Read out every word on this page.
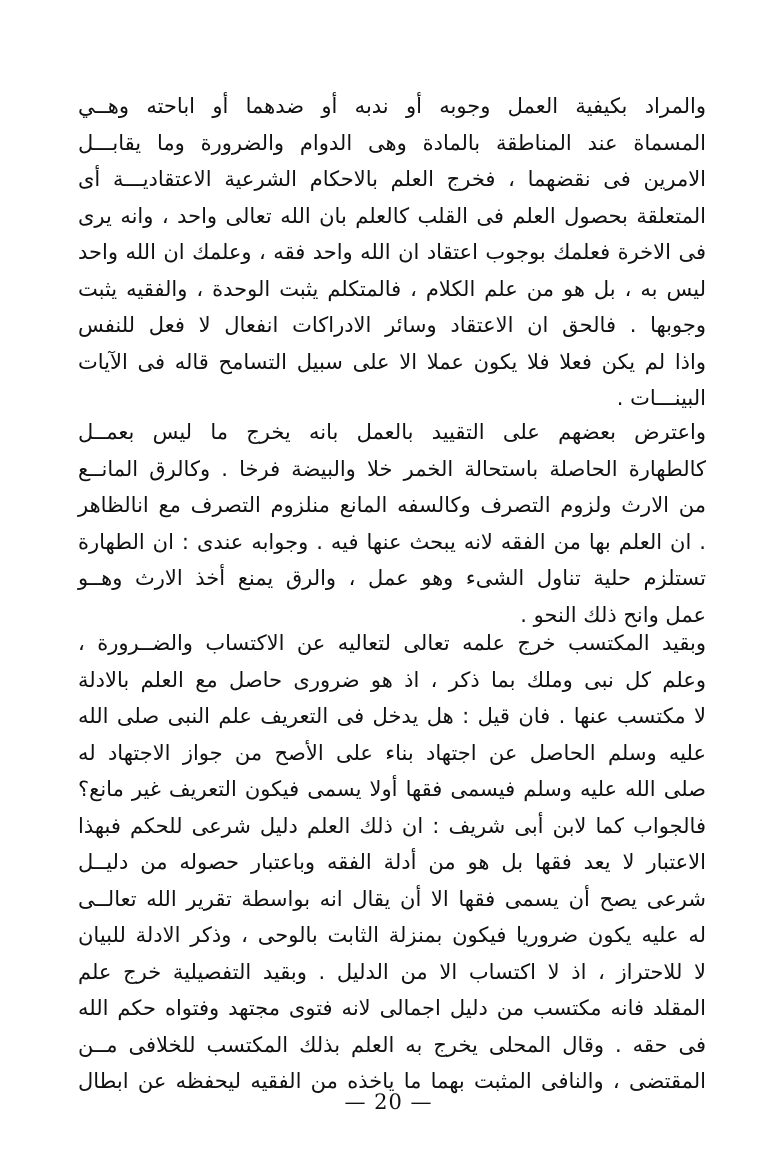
والمراد بكيفية العمل وجوبه أو ندبه أو ضدهما أو اباحته وهــي
المسماة عند المناطقة بالمادة وهى الدوام والضرورة وما يقابـــل
الامرين فى نقضهما ، فخرج العلم بالاحكام الشرعية الاعتقاديـــة أى
المتعلقة بحصول العلم فى القلب كالعلم بان الله تعالى واحد ، وانه يرى
فى الاخرة فعلمك بوجوب اعتقاد ان الله واحد فقه ، وعلمك ان الله واحد
ليس به ، بل هو من علم الكلام ، فالمتكلم يثبت الوحدة ، والفقيه يثبت
وجوبها . فالحق ان الاعتقاد وسائر الادراكات انفعال لا فعل للنفس
واذا لم يكن فعلا فلا يكون عملا الا على سبيل التسامح قاله فى الآيات
البينـــات .

واعترض بعضهم على التقييد بالعمل بانه يخرج ما ليس بعمــل
كالطهارة الحاصلة باستحالة الخمر خلا والبيضة فرخا . وكالرق المانــع
من الارث ولزوم التصرف وكالسفه المانع منلزوم التصرف مع انالظاهر
. ان العلم بها من الفقه لانه يبحث عنها فيه . وجوابه عندى : ان الطهارة
تستلزم حلية تناول الشىء وهو عمل ، والرق يمنع أخذ الارث وهــو
عمل وانح ذلك النحو .

وبقيد المكتسب خرج علمه تعالى لتعاليه عن الاكتساب والضــرورة ،
وعلم كل نبى وملك بما ذكر ، اذ هو ضرورى حاصل مع العلم بالادلة
لا مكتسب عنها . فان قيل : هل يدخل فى التعريف علم النبى صلى الله
عليه وسلم الحاصل عن اجتهاد بناء على الأصح من جواز الاجتهاد له
صلى الله عليه وسلم فيسمى فقها أولا يسمى فيكون التعريف غير مانع؟
فالجواب كما لابن أبى شريف : ان ذلك العلم دليل شرعى للحكم فبهذا
الاعتبار لا يعد فقها بل هو من أدلة الفقه وباعتبار حصوله من دليــل
شرعى يصح أن يسمى فقها الا أن يقال انه بواسطة تقرير الله تعالــى
له عليه يكون ضروريا فيكون بمنزلة الثابت بالوحى ، وذكر الادلة للبيان
لا للاحتراز ، اذ لا اكتساب الا من الدليل . وبقيد التفصيلية خرج علم
المقلد فانه مكتسب من دليل اجمالى لانه فتوى مجتهد وفتواه حكم الله
فى حقه . وقال المحلى يخرج به العلم بذلك المكتسب للخلافى مــن
المقتضى ، والنافى المثبت بهما ما ياخذه من الفقيه ليحفظه عن ابطال

— 20 —
